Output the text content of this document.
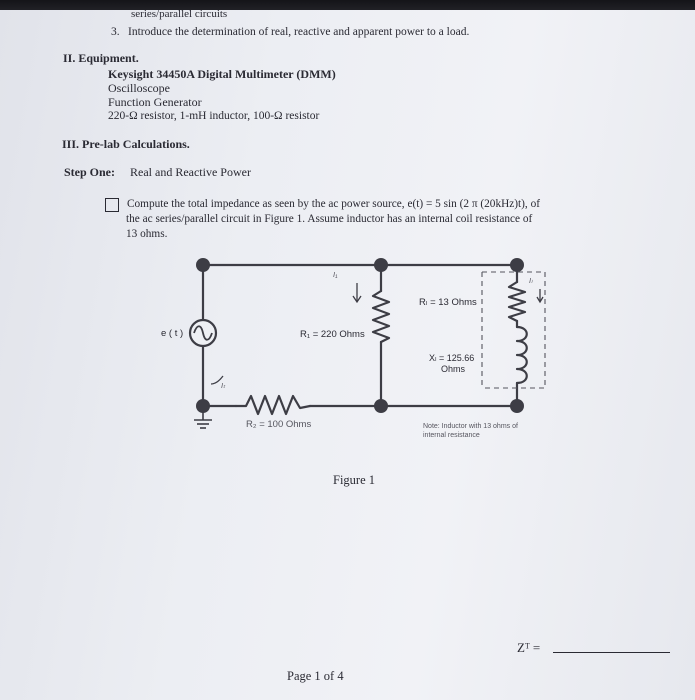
series/parallel circuits
3. Introduce the determination of real, reactive and apparent power to a load.
II. Equipment.
Keysight 34450A Digital Multimeter (DMM)
Oscilloscope
Function Generator
220-Ω resistor, 1-mH inductor, 100-Ω resistor
III. Pre-lab Calculations.
Step One: Real and Reactive Power
Compute the total impedance as seen by the ac power source, e(t) = 5 sin (2 π (20kHz)t), of
the ac series/parallel circuit in Figure 1. Assume inductor has an internal coil resistance of
13 ohms.
e ( t )	R₁ = 220 Ohms
R₂ = 100 Ohms
Rₗ = 13 Ohms
Xₗ = 125.66
Ohms
Note: Inductor with 13 ohms of
internal resistance
I₁
Iₜ
Iₗ
Figure 1
Zᵀ =
Page 1 of 4
